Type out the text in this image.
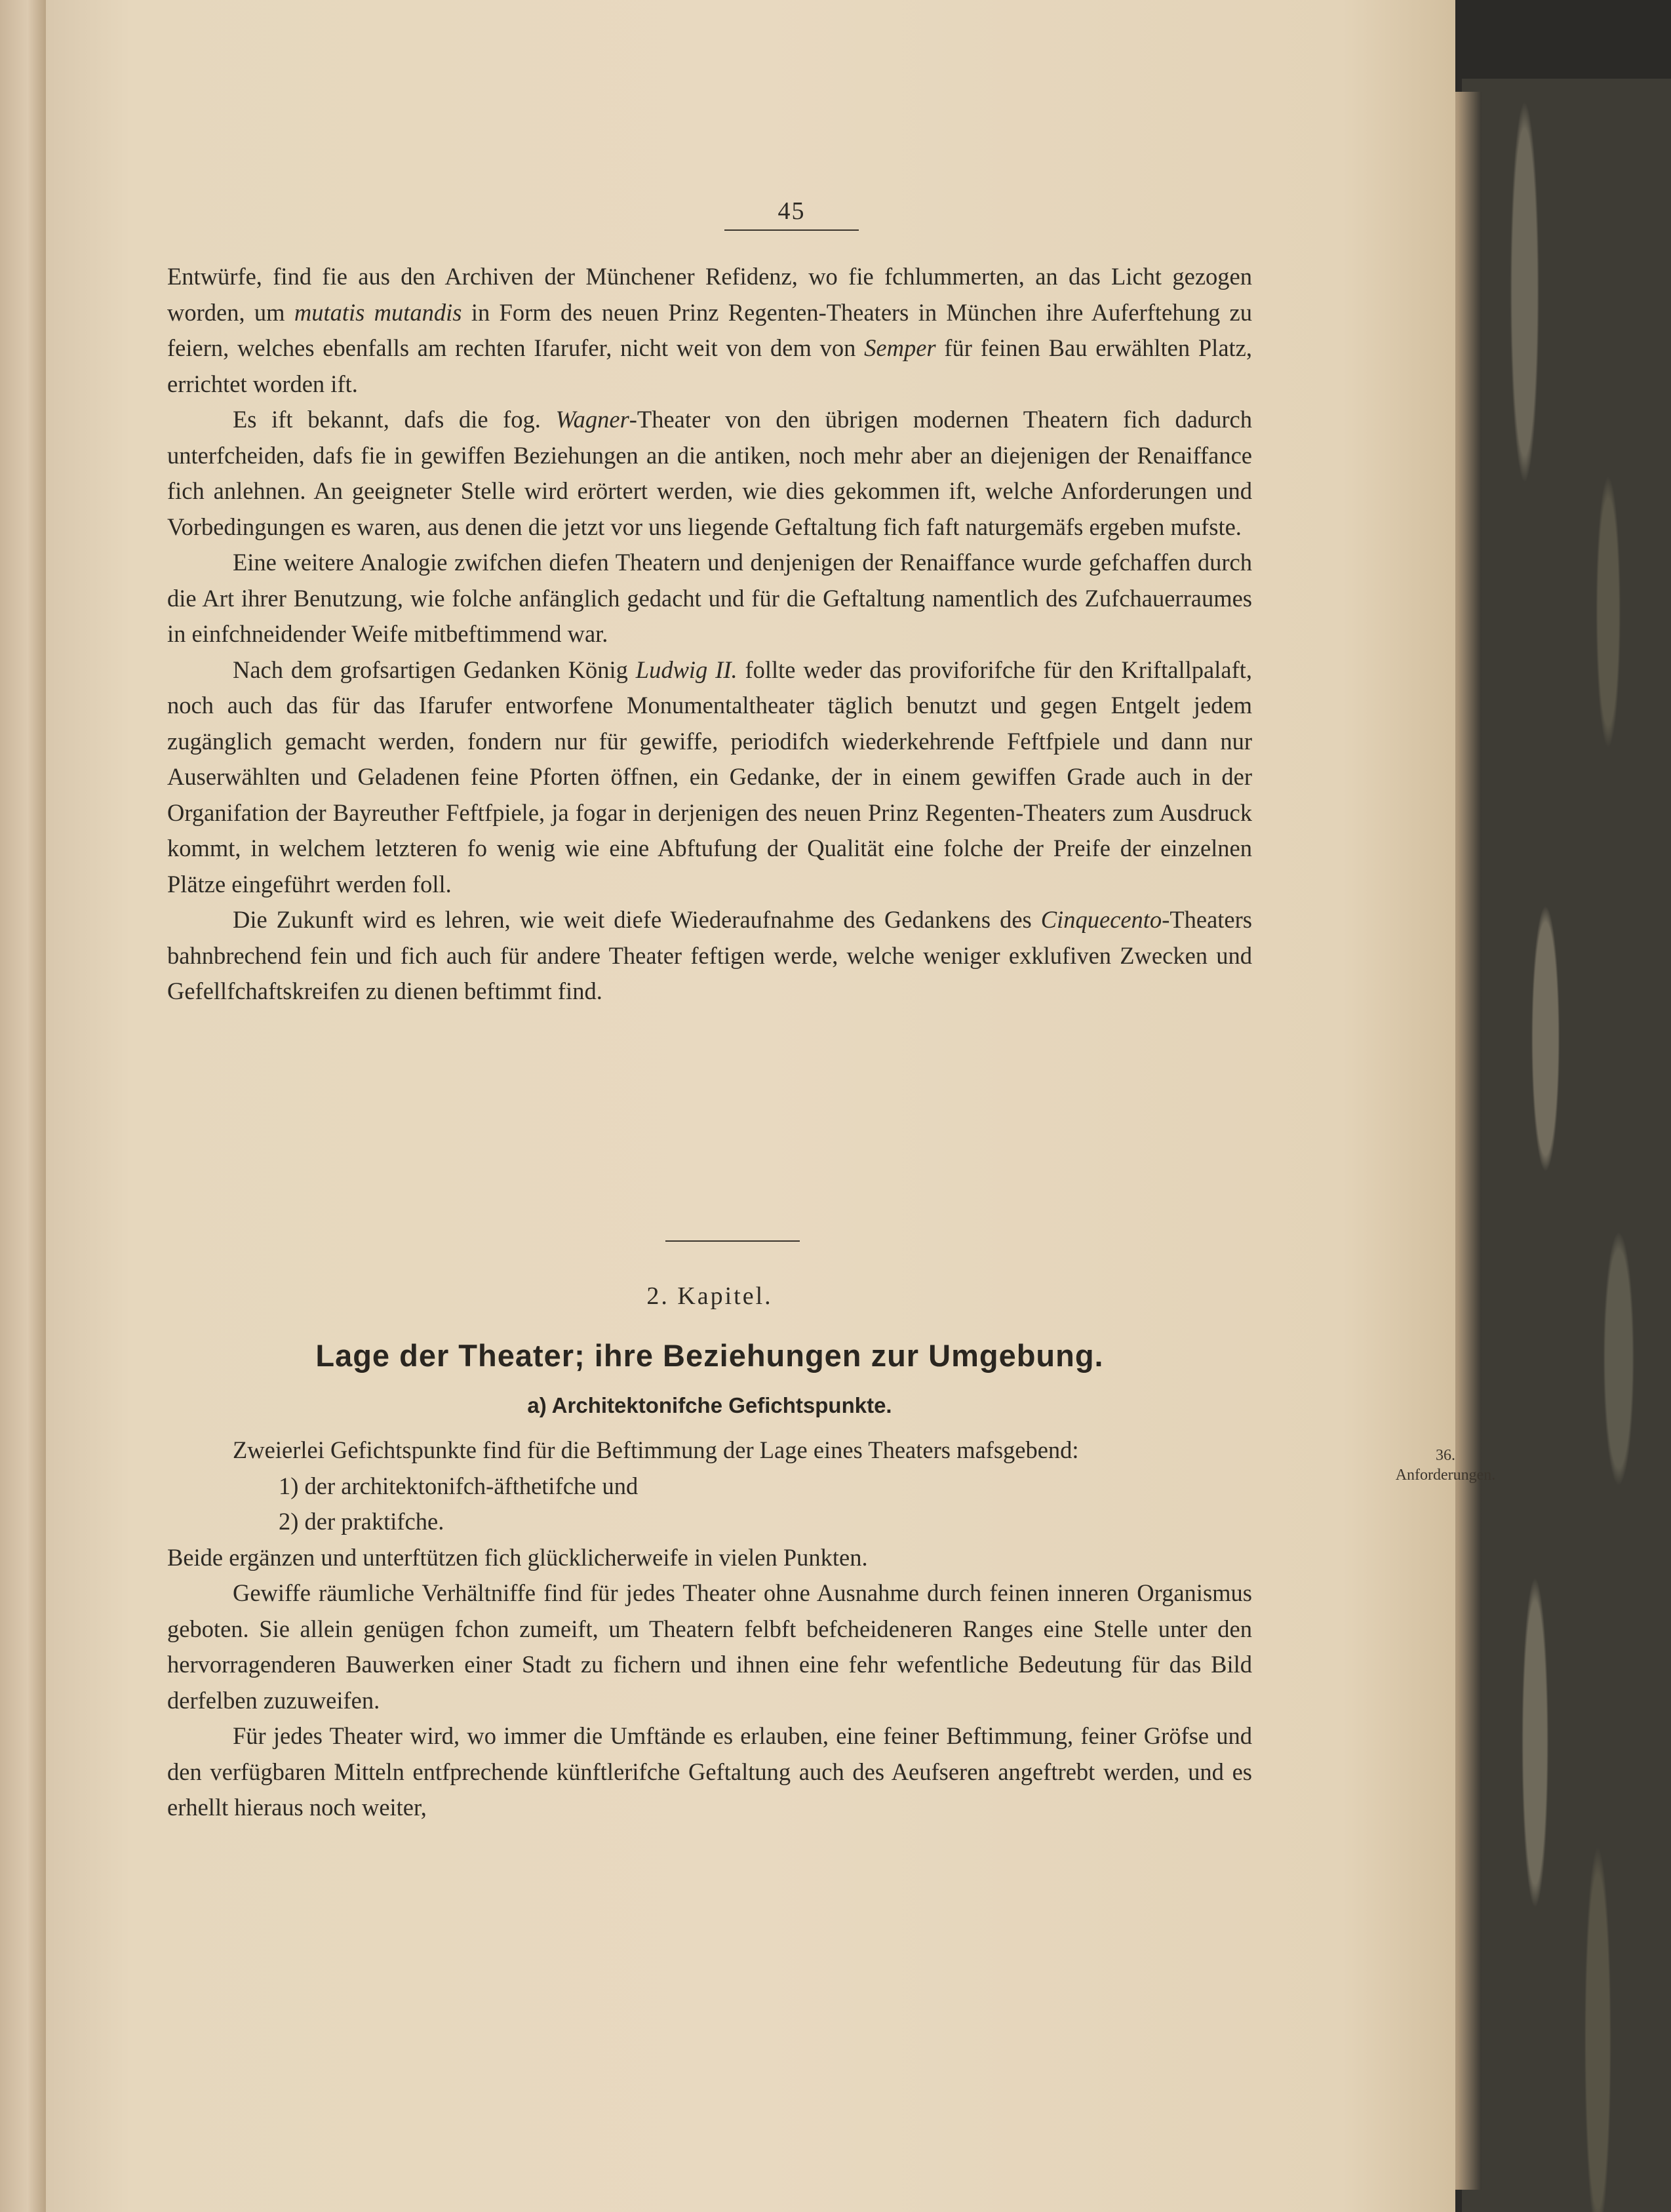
45

Entwürfe, find fie aus den Archiven der Münchener Refidenz, wo fie fchlummerten, an das Licht gezogen worden, um mutatis mutandis in Form des neuen Prinz Regenten-Theaters in München ihre Auferftehung zu feiern, welches ebenfalls am rechten Ifarufer, nicht weit von dem von Semper für feinen Bau erwählten Platz, errichtet worden ift.

Es ift bekannt, dafs die fog. Wagner-Theater von den übrigen modernen Theatern fich dadurch unterfcheiden, dafs fie in gewiffen Beziehungen an die antiken, noch mehr aber an diejenigen der Renaiffance fich anlehnen. An geeigneter Stelle wird erörtert werden, wie dies gekommen ift, welche Anforderungen und Vorbedingungen es waren, aus denen die jetzt vor uns liegende Geftaltung fich faft naturgemäfs ergeben mufste.

Eine weitere Analogie zwifchen diefen Theatern und denjenigen der Renaiffance wurde gefchaffen durch die Art ihrer Benutzung, wie folche anfänglich gedacht und für die Geftaltung namentlich des Zufchauerraumes in einfchneidender Weife mitbeftimmend war.

Nach dem grofsartigen Gedanken König Ludwig II. follte weder das proviforifche für den Kriftallpalaft, noch auch das für das Ifarufer entworfene Monumentaltheater täglich benutzt und gegen Entgelt jedem zugänglich gemacht werden, fondern nur für gewiffe, periodifch wiederkehrende Feftfpiele und dann nur Auserwählten und Geladenen feine Pforten öffnen, ein Gedanke, der in einem gewiffen Grade auch in der Organifation der Bayreuther Feftfpiele, ja fogar in derjenigen des neuen Prinz Regenten-Theaters zum Ausdruck kommt, in welchem letzteren fo wenig wie eine Abftufung der Qualität eine folche der Preife der einzelnen Plätze eingeführt werden foll.

Die Zukunft wird es lehren, wie weit diefe Wiederaufnahme des Gedankens des Cinquecento-Theaters bahnbrechend fein und fich auch für andere Theater feftigen werde, welche weniger exklufiven Zwecken und Gefellfchaftskreifen zu dienen beftimmt find.

2. Kapitel.
Lage der Theater; ihre Beziehungen zur Umgebung.
a) Architektonifche Gefichtspunkte.

Zweierlei Gefichtspunkte find für die Beftimmung der Lage eines Theaters mafsgebend:

1) der architektonifch-äfthetifche und

2) der praktifche.

Beide ergänzen und unterftützen fich glücklicherweife in vielen Punkten.

Gewiffe räumliche Verhältniffe find für jedes Theater ohne Ausnahme durch feinen inneren Organismus geboten. Sie allein genügen fchon zumeift, um Theatern felbft befcheideneren Ranges eine Stelle unter den hervorragenderen Bauwerken einer Stadt zu fichern und ihnen eine fehr wefentliche Bedeutung für das Bild derfelben zuzuweifen.

Für jedes Theater wird, wo immer die Umftände es erlauben, eine feiner Beftimmung, feiner Gröfse und den verfügbaren Mitteln entfprechende künftlerifche Geftaltung auch des Aeufseren angeftrebt werden, und es erhellt hieraus noch weiter,

36.
Anforderungen.
